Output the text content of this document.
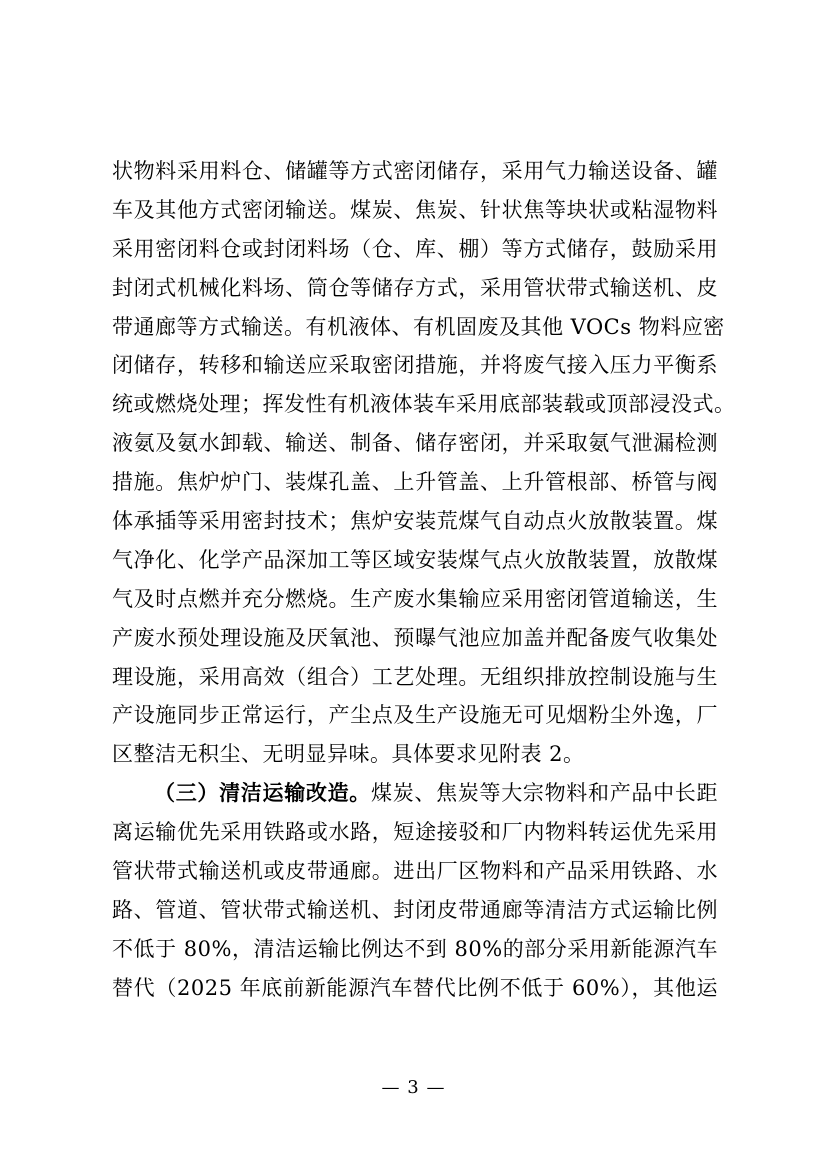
状物料采用料仓、储罐等方式密闭储存，采用气力输送设备、罐
车及其他方式密闭输送。煤炭、焦炭、针状焦等块状或粘湿物料
采用密闭料仓或封闭料场（仓、库、棚）等方式储存，鼓励采用
封闭式机械化料场、筒仓等储存方式，采用管状带式输送机、皮
带通廊等方式输送。有机液体、有机固废及其他 VOCs 物料应密
闭储存，转移和输送应采取密闭措施，并将废气接入压力平衡系
统或燃烧处理；挥发性有机液体装车采用底部装载或顶部浸没式。
液氨及氨水卸载、输送、制备、储存密闭，并采取氨气泄漏检测
措施。焦炉炉门、装煤孔盖、上升管盖、上升管根部、桥管与阀
体承插等采用密封技术；焦炉安装荒煤气自动点火放散装置。煤
气净化、化学产品深加工等区域安装煤气点火放散装置，放散煤
气及时点燃并充分燃烧。生产废水集输应采用密闭管道输送，生
产废水预处理设施及厌氧池、预曝气池应加盖并配备废气收集处
理设施，采用高效（组合）工艺处理。无组织排放控制设施与生
产设施同步正常运行，产尘点及生产设施无可见烟粉尘外逸，厂
区整洁无积尘、无明显异味。具体要求见附表 2。
（三）清洁运输改造。煤炭、焦炭等大宗物料和产品中长距
离运输优先采用铁路或水路，短途接驳和厂内物料转运优先采用
管状带式输送机或皮带通廊。进出厂区物料和产品采用铁路、水
路、管道、管状带式输送机、封闭皮带通廊等清洁方式运输比例
不低于 80%，清洁运输比例达不到 80%的部分采用新能源汽车
替代（2025 年底前新能源汽车替代比例不低于 60%），其他运
— 3 —
